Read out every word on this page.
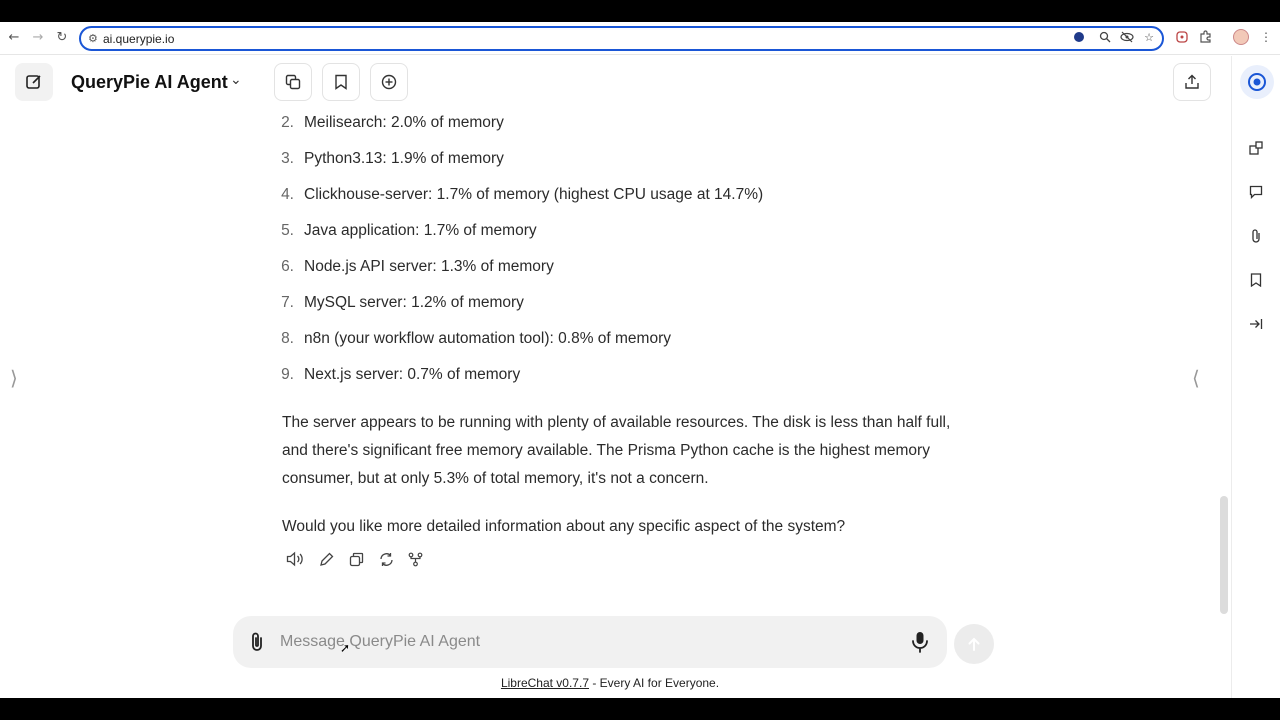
← → ↻ ⚙ ai.querypie.io	☆	⋮
QueryPie AI Agent ⌄
⟩	⟨
2. Meilisearch: 2.0% of memory
3. Python3.13: 1.9% of memory
4. Clickhouse-server: 1.7% of memory (highest CPU usage at 14.7%)
5. Java application: 1.7% of memory
6. Node.js API server: 1.3% of memory
7. MySQL server: 1.2% of memory
8. n8n (your workflow automation tool): 0.8% of memory
9. Next.js server: 0.7% of memory

The server appears to be running with plenty of available resources. The disk is less than half full, and there's significant free memory available. The Prisma Python cache is the highest memory consumer, but at only 5.3% of total memory, it's not a concern.

Would you like more detailed information about any specific aspect of the system?

Message QueryPie AI Agent
➚
LibreChat v0.7.7 - Every AI for Everyone.
